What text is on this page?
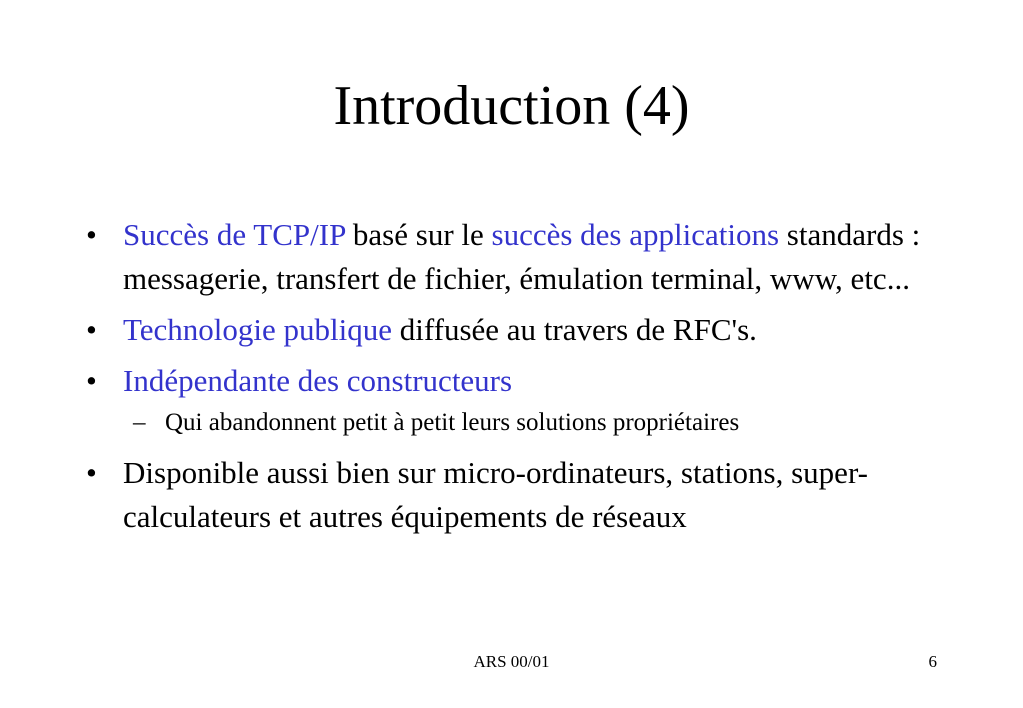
Introduction (4)
• Succès de TCP/IP basé sur le succès des applications standards : messagerie, transfert de fichier, émulation terminal, www, etc...
• Technologie publique diffusée au travers de RFC's.
• Indépendante des constructeurs
– Qui abandonnent petit à petit leurs solutions propriétaires
• Disponible aussi bien sur micro-ordinateurs, stations, super-calculateurs et autres équipements de réseaux
ARS 00/01	6
